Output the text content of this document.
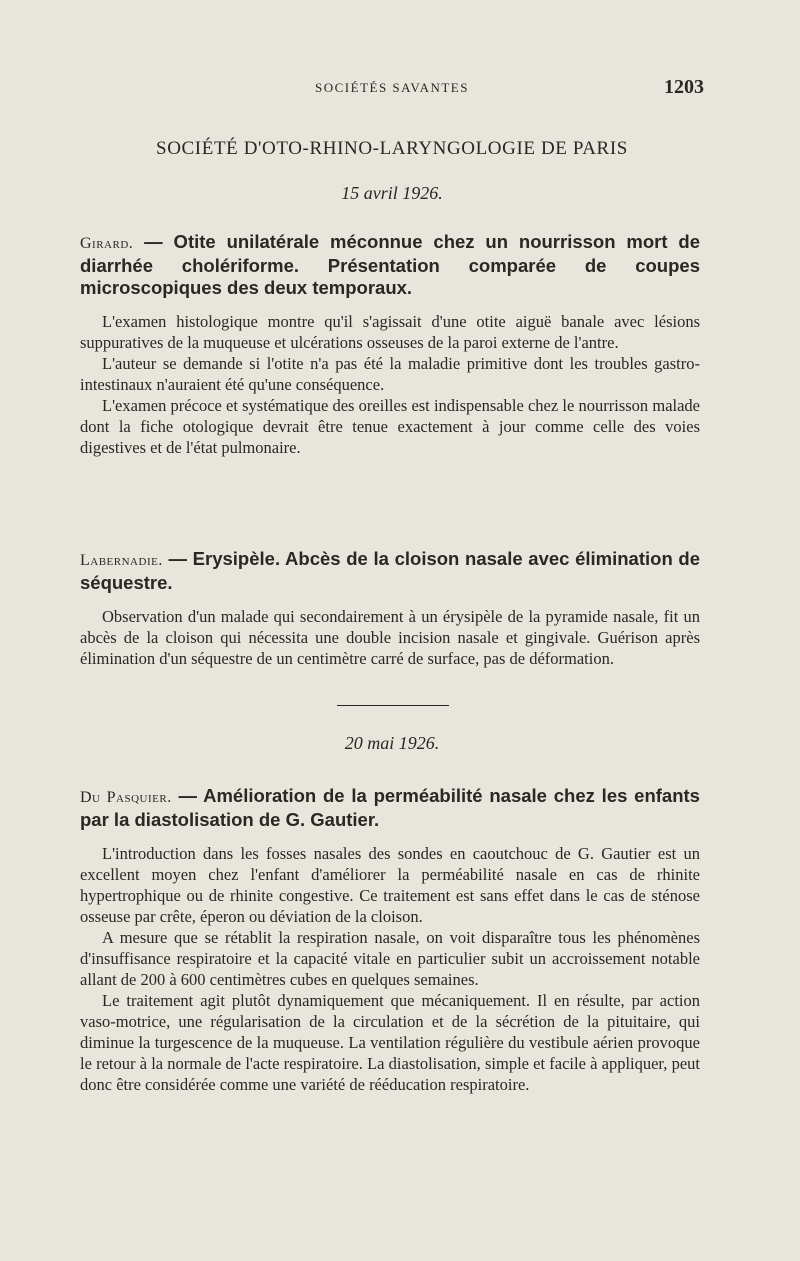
SOCIÉTÉS SAVANTES	1203
SOCIÉTÉ D'OTO-RHINO-LARYNGOLOGIE DE PARIS
15 avril 1926.

Girard. — Otite unilatérale méconnue chez un nourrisson mort de diarrhée cholériforme. Présentation comparée de coupes microscopiques des deux temporaux.

L'examen histologique montre qu'il s'agissait d'une otite aiguë banale avec lésions suppuratives de la muqueuse et ulcérations osseuses de la paroi externe de l'antre.

L'auteur se demande si l'otite n'a pas été la maladie primitive dont les troubles gastro-intestinaux n'auraient été qu'une conséquence.

L'examen précoce et systématique des oreilles est indispensable chez le nourrisson malade dont la fiche otologique devrait être tenue exactement à jour comme celle des voies digestives et de l'état pulmonaire.

Labernadie. — Erysipèle. Abcès de la cloison nasale avec élimination de séquestre.

Observation d'un malade qui secondairement à un érysipèle de la pyramide nasale, fit un abcès de la cloison qui nécessita une double incision nasale et gingivale. Guérison après élimination d'un séquestre de un centimètre carré de surface, pas de déformation.

20 mai 1926.

Du Pasquier. — Amélioration de la perméabilité nasale chez les enfants par la diastolisation de G. Gautier.

L'introduction dans les fosses nasales des sondes en caoutchouc de G. Gautier est un excellent moyen chez l'enfant d'améliorer la perméabilité nasale en cas de rhinite hypertrophique ou de rhinite congestive. Ce traitement est sans effet dans le cas de sténose osseuse par crête, éperon ou déviation de la cloison.

A mesure que se rétablit la respiration nasale, on voit disparaître tous les phénomènes d'insuffisance respiratoire et la capacité vitale en particulier subit un accroissement notable allant de 200 à 600 centimètres cubes en quelques semaines.

Le traitement agit plutôt dynamiquement que mécaniquement. Il en résulte, par action vaso-motrice, une régularisation de la circulation et de la sécrétion de la pituitaire, qui diminue la turgescence de la muqueuse. La ventilation régulière du vestibule aérien provoque le retour à la normale de l'acte respiratoire. La diastolisation, simple et facile à appliquer, peut donc être considérée comme une variété de rééducation respiratoire.
